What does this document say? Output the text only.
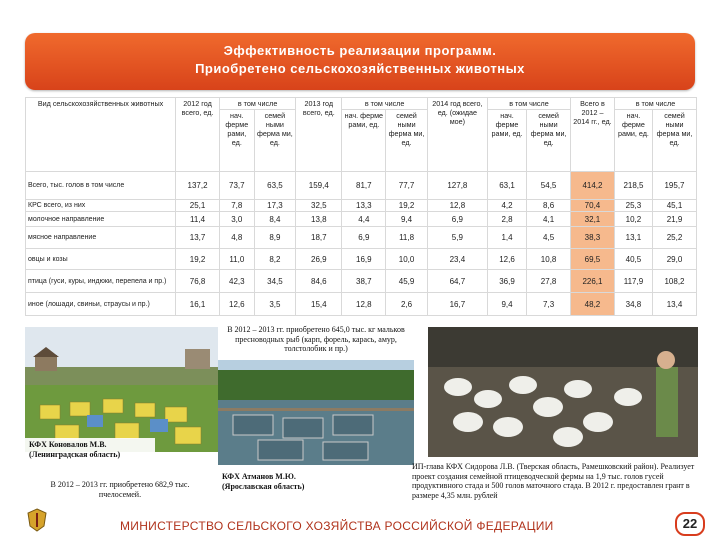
Эффективность реализации программ.
Приобретено сельскохозяйственных животных
Вид сельскохозяйственных животных	2012 год всего, ед.	в том числе		2013 год всего, ед.	в том числе		2014 год всего, ед. (ожидае мое)	в том числе		Всего в 2012 – 2014 гг., ед.	в том числе	
		нач. ферме рами, ед.	семей ными ферма ми, ед.		нач. ферме рами, ед.	семей ными ферма ми, ед.		нач. ферме рами, ед.	семей ными ферма ми, ед.		нач. ферме рами, ед.	семей ными ферма ми, ед.
Всего, тыс. голов в том числе	137,2	73,7	63,5	159,4	81,7	77,7	127,8	63,1	54,5	414,2	218,5	195,7
КРС всего, из них	25,1	7,8	17,3	32,5	13,3	19,2	12,8	4,2	8,6	70,4	25,3	45,1
молочное направление	11,4	3,0	8,4	13,8	4,4	9,4	6,9	2,8	4,1	32,1	10,2	21,9
мясное направление	13,7	4,8	8,9	18,7	6,9	11,8	5,9	1,4	4,5	38,3	13,1	25,2
овцы и козы	19,2	11,0	8,2	26,9	16,9	10,0	23,4	12,6	10,8	69,5	40,5	29,0
птица (гуси, куры, индюки, перепела и пр.)	76,8	42,3	34,5	84,6	38,7	45,9	64,7	36,9	27,8	226,1	117,9	108,2
иное (лошади, свиньи, страусы и пр.)	16,1	12,6	3,5	15,4	12,8	2,6	16,7	9,4	7,3	48,2	34,8	13,4
В 2012 – 2013 гг. приобретено 645,0 тыс. кг мальков пресноводных рыб (карп, форель, карась, амур, толстолобик и пр.)
КФХ Коновалов М.В. (Ленинградская область)
В 2012 – 2013 гг. приобретено 682,9 тыс. пчелосемей.
КФХ Атманов М.Ю. (Ярославская область)
ИП-глава КФХ Сидорова Л.В. (Тверская область, Рамешковский район). Реализует проект создания семейной птицеводческой фермы на 1,9 тыс. голов гусей продуктивного стада и 500 голов маточного стада. В 2012 г. предоставлен грант в размере 4,35 млн. рублей
МИНИСТЕРСТВО СЕЛЬСКОГО ХОЗЯЙСТВА РОССИЙСКОЙ ФЕДЕРАЦИИ	22
